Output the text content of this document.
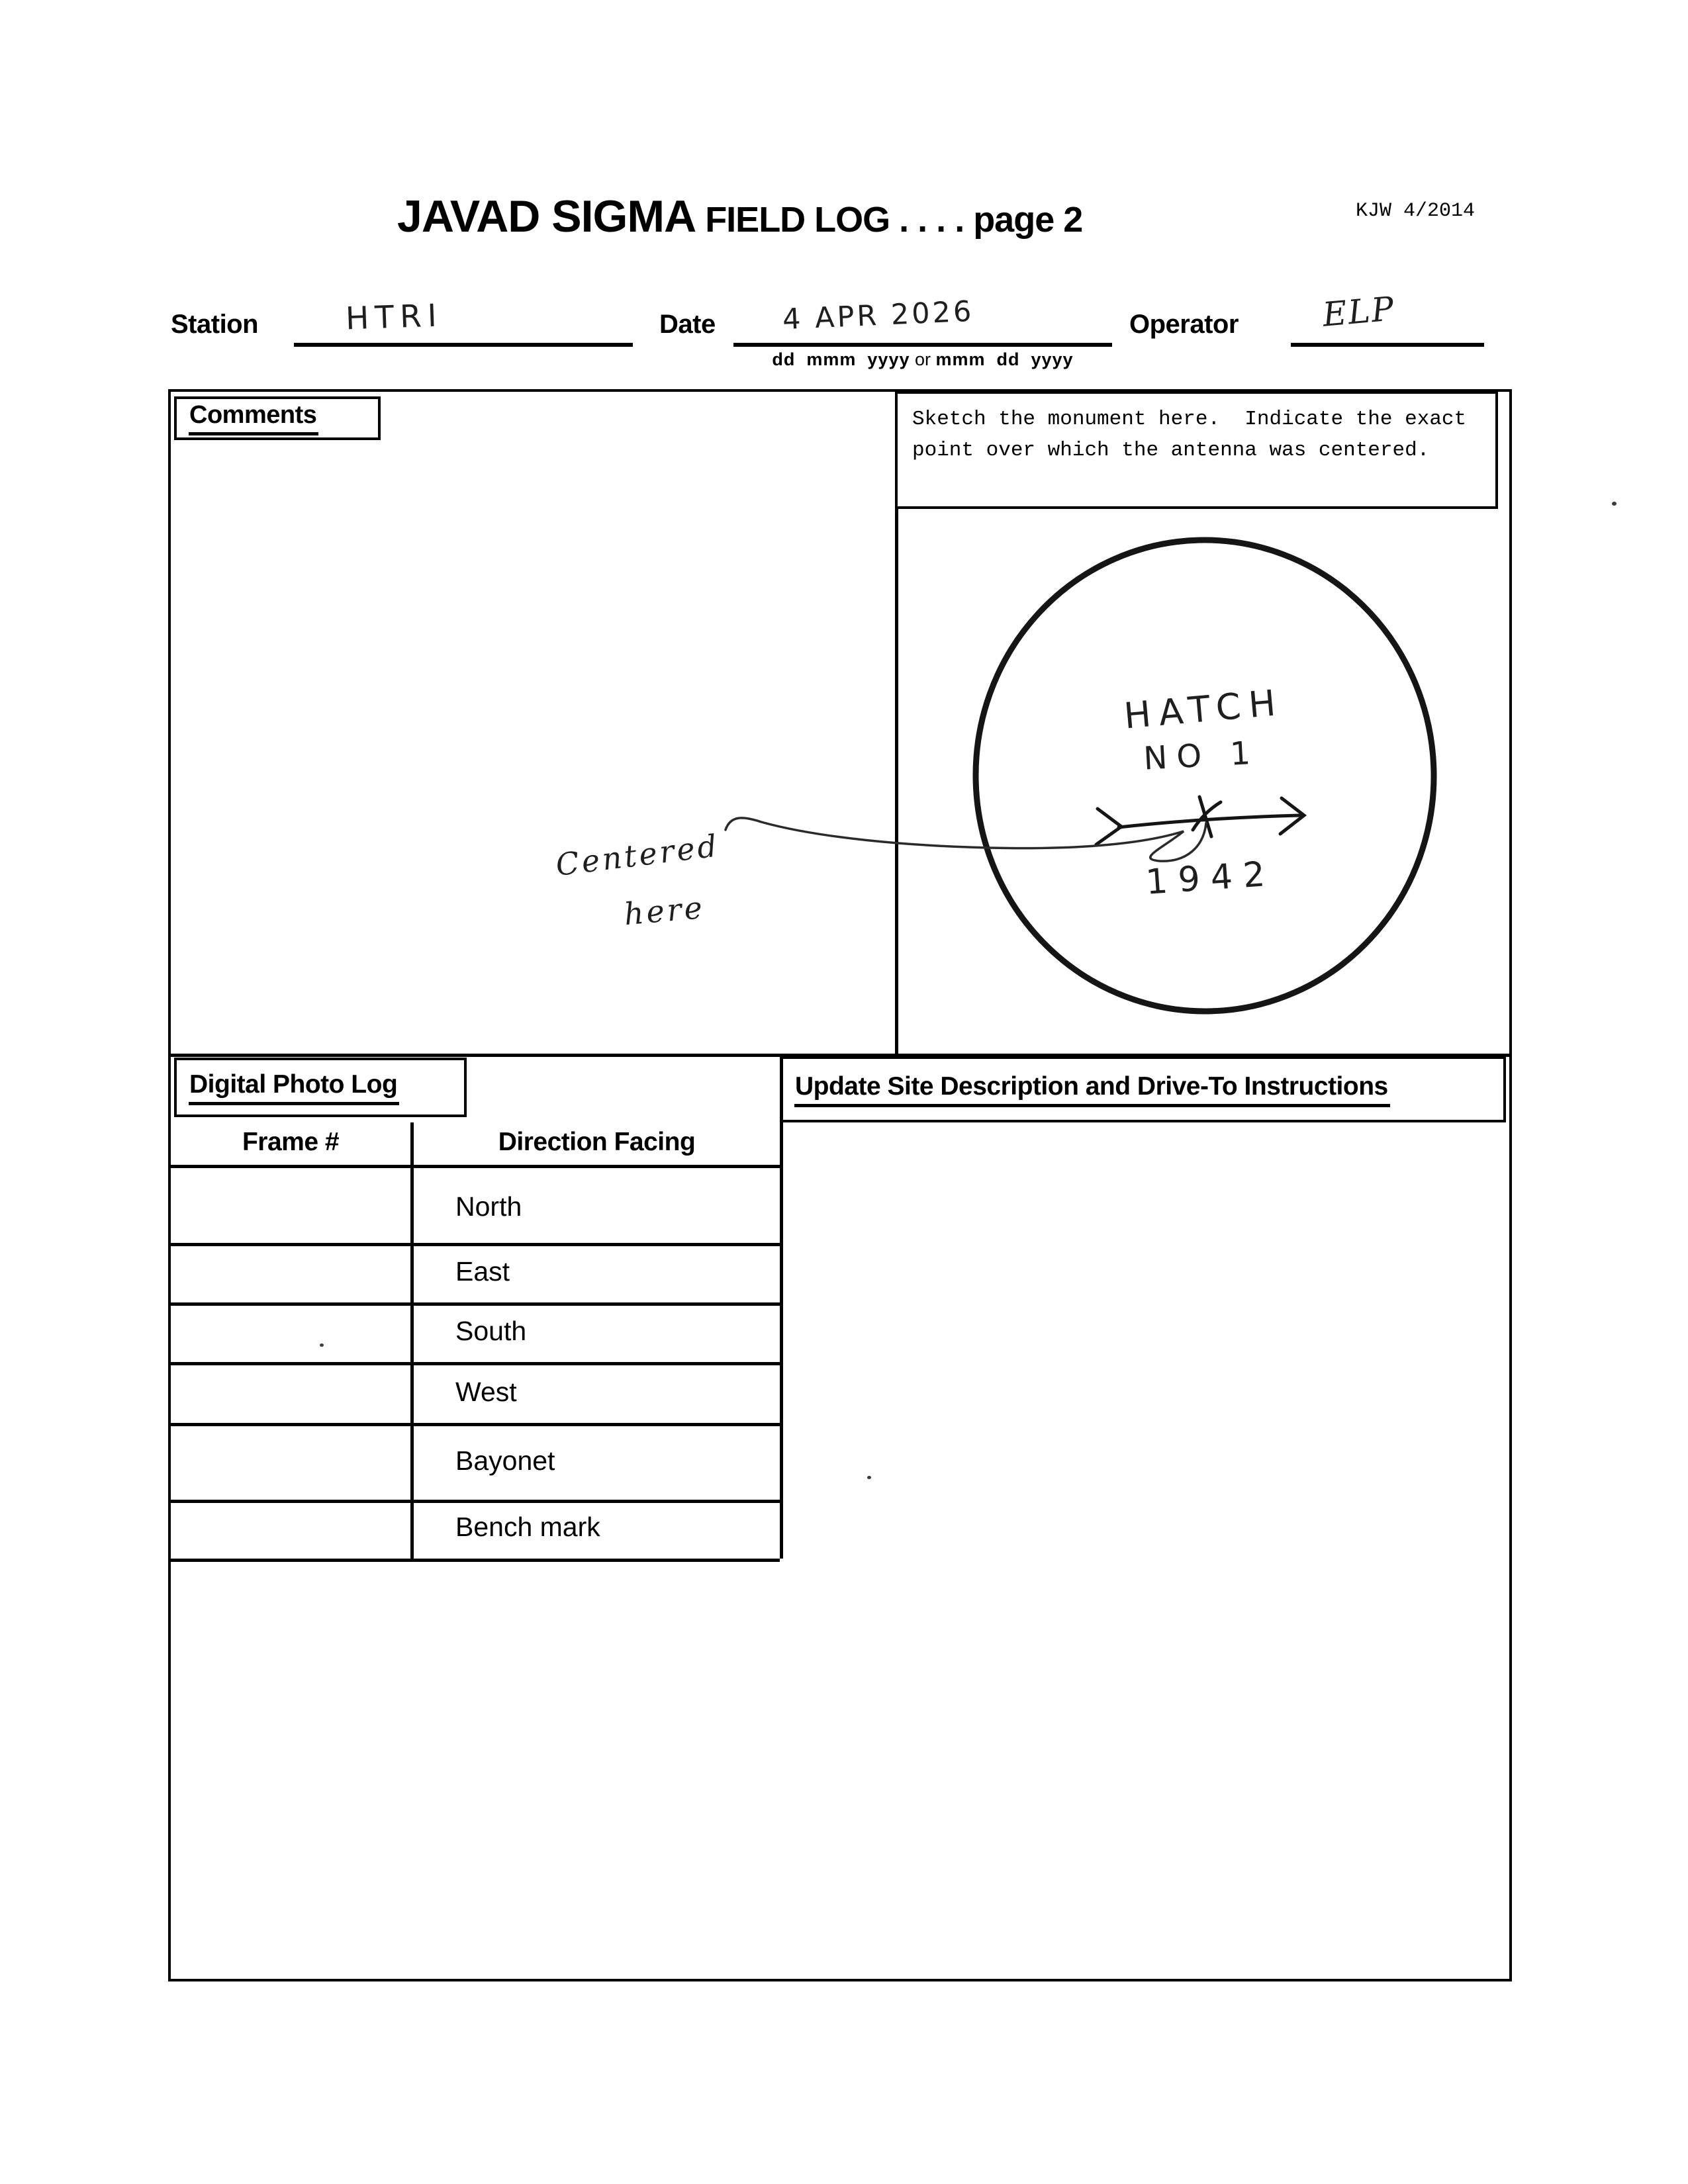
JAVAD SIGMA FIELD LOG . . . . page 2	KJW 4/2014
Station	HTRI	Date 4 APR 2026
dd  mmm  yyyy or mmm  dd  yyyy
Operator ELP
Comments	Sketch the monument here.  Indicate the exact point over which the antenna was centered.
HATCH
NO 1
1942
Centered
here
Digital Photo Log	Update Site Description and Drive-To Instructions
Frame #	Direction Facing
North
East
South
West
Bayonet
Bench mark
